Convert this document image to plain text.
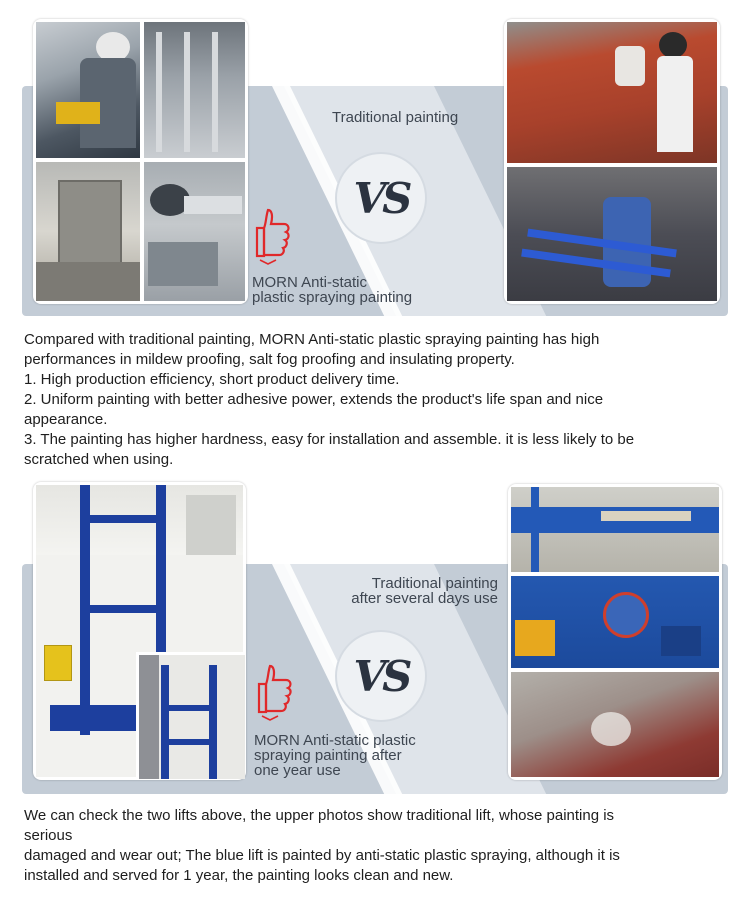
Traditional painting
VS
MORN Anti-static
plastic spraying painting

Compared with traditional painting, MORN Anti-static plastic spraying painting has high

performances in mildew proofing, salt fog proofing and insulating property.

1. High production efficiency, short product delivery time.

2. Uniform painting with better adhesive power, extends the product's life span and nice

appearance.

3. The painting has higher hardness, easy for installation and assemble. it is less likely to be

scratched when using.

Traditional painting
after several days use
VS
MORN Anti-static plastic
spraying painting after
one year use

We can check the two lifts above, the upper photos show traditional lift, whose painting is

serious

damaged and wear out; The blue lift is painted by anti-static plastic spraying, although it is

installed and served for 1 year, the painting looks clean and new.
